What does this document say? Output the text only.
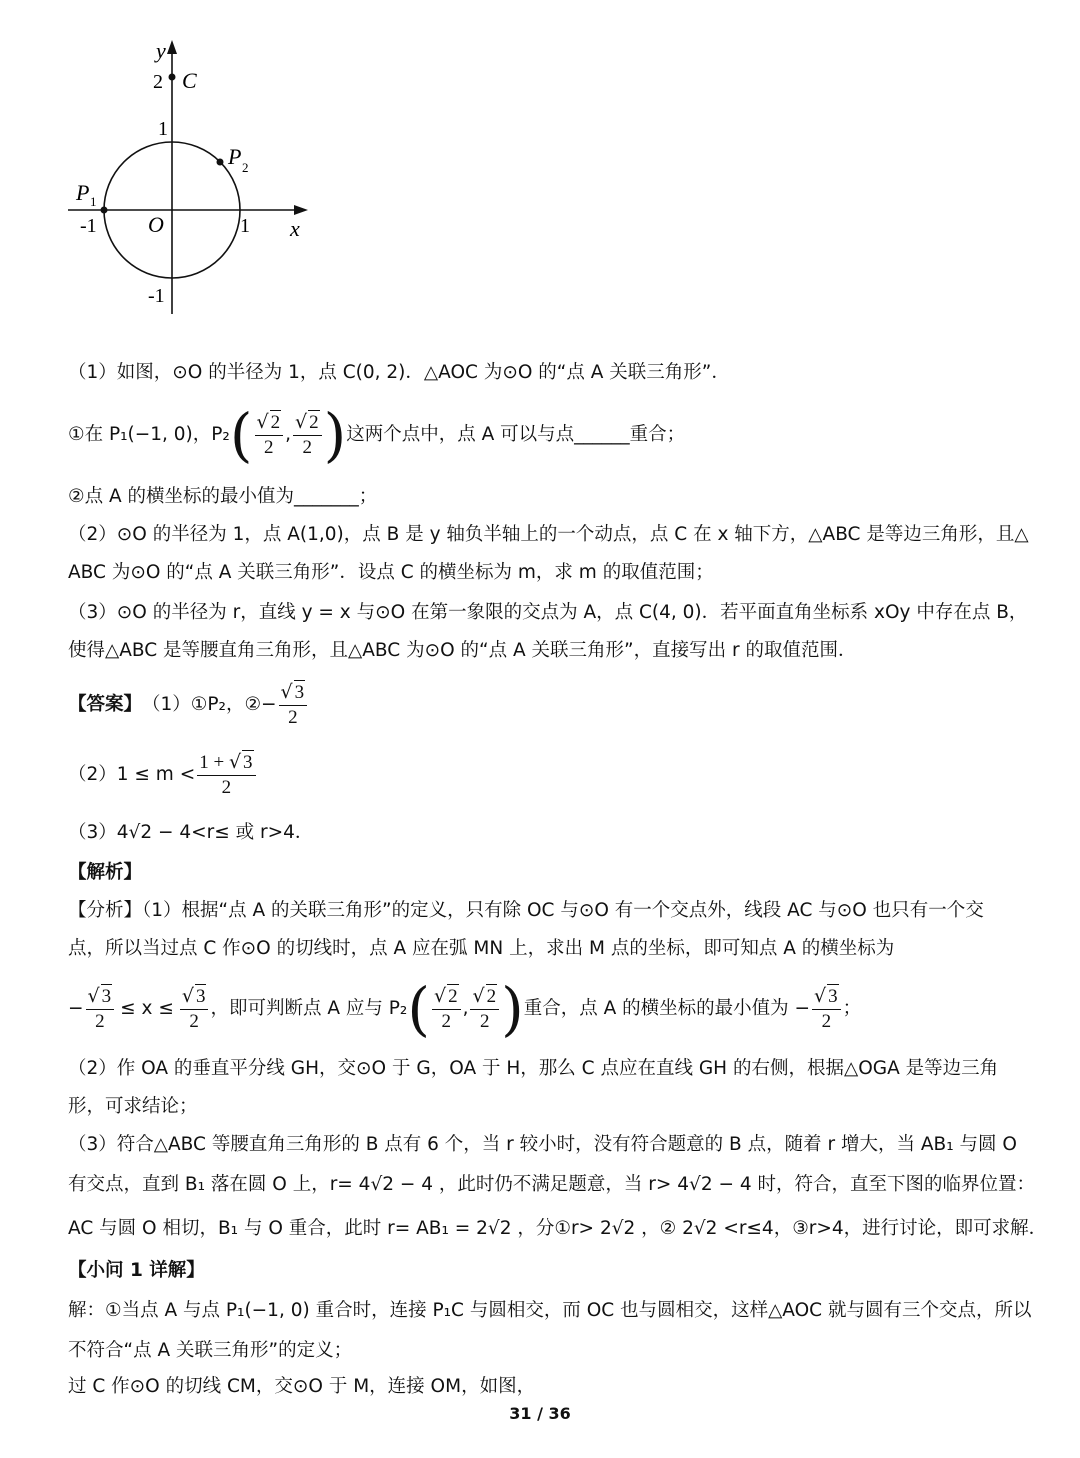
y
x
O
C
P 1
P 2
2
1
-1
1
-1
（1）如图，⊙O 的半径为 1，点 C(0, 2)．△AOC 为⊙O 的“点 A 关联三角形”．
①在 P₁(−1, 0)，P₂ ( $\frac{√ 2}{2}$ , $\frac{√ 2}{2}$ ) 这两个点中，点 A 可以与点______重合；
②点 A 的横坐标的最小值为_______；
（2）⊙O 的半径为 1，点 A(1,0)，点 B 是 y 轴负半轴上的一个动点，点 C 在 x 轴下方，△ABC 是等边三角形，且△
ABC 为⊙O 的“点 A 关联三角形”．设点 C 的横坐标为 m，求 m 的取值范围；
（3）⊙O 的半径为 r，直线 y = x 与⊙O 在第一象限的交点为 A，点 C(4, 0)．若平面直角坐标系 xOy 中存在点 B，
使得△ABC 是等腰直角三角形，且△ABC 为⊙O 的“点 A 关联三角形”，直接写出 r 的取值范围．
【答案】 （1）①P₂，②− $\frac{√ 3}{2}$
$(2)1 \le m < \frac{1 + √ 3}{2}$
（3）4√2 − 4<r≤ 或 r>4．
【解析】
【分析】（1）根据“点 A 的关联三角形”的定义，只有除 OC 与⊙O 有一个交点外，线段 AC 与⊙O 也只有一个交
点，所以当过点 C 作⊙O 的切线时，点 A 应在弧 MN 上，求出 M 点的坐标，即可知点 A 的横坐标为
− $\frac{√ 3}{2} \le x \le \frac{√ 3}{2}$ ，即可判断点 A 应与 P₂ ( $\frac{√ 2}{2}$ , $\frac{√ 2}{2}$ ) 重合，点 A 的横坐标的最小值为 − $\frac{√ 3}{2}$ ；
（2）作 OA 的垂直平分线 GH，交⊙O 于 G，OA 于 H，那么 C 点应在直线 GH 的右侧，根据△OGA 是等边三角
形，可求结论；
（3）符合△ABC 等腰直角三角形的 B 点有 6 个，当 r 较小时，没有符合题意的 B 点，随着 r 增大，当 AB₁ 与圆 O
有交点，直到 B₁ 落在圆 O 上，r= 4√2 − 4 ，此时仍不满足题意，当 r> 4√2 − 4 时，符合，直至下图的临界位置：
AC 与圆 O 相切，B₁ 与 O 重合，此时 r= AB₁ = 2√2 ，分①r> 2√2 ，② 2√2 <r≤4，③r>4，进行讨论，即可求解．
【小问 1 详解】
解：①当点 A 与点 P₁(−1, 0) 重合时，连接 P₁C 与圆相交，而 OC 也与圆相交，这样△AOC 就与圆有三个交点，所以
不符合“点 A 关联三角形”的定义；
过 C 作⊙O 的切线 CM，交⊙O 于 M，连接 OM，如图，
31 / 36
